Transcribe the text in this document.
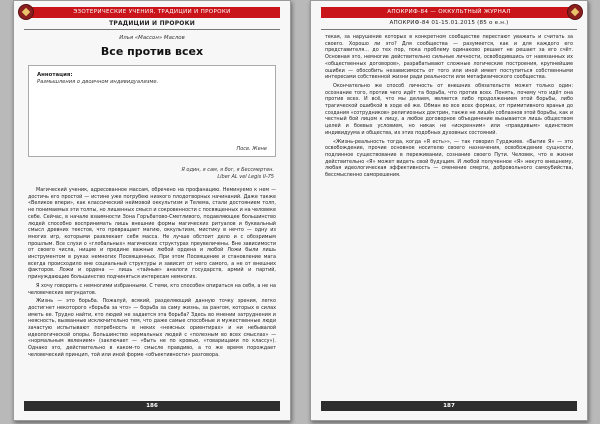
ЭЗОТЕРИЧЕСКИЕ УЧЕНИЯ, ТРАДИЦИИ И ПРОРОКИ
ТРАДИЦИИ И ПРОРОКИ
Илья «Массон» Маслов
Все против всех
Аннотация:
Размышления о двоичном индивидуализме.
Посв. Жене
Я один, я сам, я бог, я Бессмертен.
Liber AL vel Legis II-75

Магический ученик, адресованное массам, обречено на профанацию. Неминуемо к нем — достичь его простой — истине уже погрубею низкого плодотворных начинаний. Даже также «Великое впери», как классический неймовой оккультизм и Телема, стали достоянием толп, не понимаемых эти толпы, но лишенных смысл и сокровенности с посвященных и на человеке себе. Сейчас, в начале взаимности Зона Горъбатово-Сметливого, подавляющее большинство людей способно воспринимать лишь внешние формы магических ритуалов и буквальный смысл древних текстов, что превращает магию, оккультизм, мистику в нечто — одну из многих игр, которыми развлекает себя масса. Не лучше обстоит дело и с обозримым прошлым. Все слухи о «глобальных» магических структурах преувеличены. Вне зависимости от своего числа, нищие и предине важные любой ордена и любой Ложи были лишь инструментом в руках немногих Посвященных. При этом Посвящение и становление мага всегда происходило вне социальный структуры и зависит от него самого, а не от внешних факторов. Ложи и ордена — лишь «тайные» аналоги государств, армий и партий, принуждающие большинство подчиняться интересам немногих.

Я хочу говорить с немногими избранными. С теми, кто способен опираться на себя, а не на человеческих вегундатов.

Жизнь — это борьба. Пожалуй, всякий, разделяющий данную точку зрения, легко достигнет некоторого «борьба за что» — борьба за саму жизнь, за рангом, которых в силах иметь ее. Трудно найти, кто людей не задается эта борьба? Здесь во мнении затруднения и неясность, вызванные исключительно тем, что даже самые способные и мужественные люди зачастую испытывают потребность в неких «неясных ориентирах» и ни небывалой идеологической опоры. Большинство нормальных людей с «полезным во всех смыслах» — «нормальным явлением» (заключает — «быть не по кровью, «товарищами по классу»). Однако это, действительно в каком-то смысле правдиво, а то же время порождает человеческий принцип, той или иной форме «объективности» разговора.

186
АПОКРИФ-84 — ОККУЛЬТНЫЙ ЖУРНАЛ
АПОКРИФ-84 01-15.01.2015 (85 о е.н.)

текая, за нарушение которых в конкретном сообществе перестают уважать и считать за своего. Хорошо ли это? Для сообщества — разумеется, как и для каждого его представителя... до тех пор, пока проблему одинаково решает не решает за его счёт. Основная это, немногие действительно сильные личности, освободившись от навязанных их «общественных договоров», разрабатывают сложные логические построения, крупнейшие ошибки — обособить независимость от того или иной имеет поступиться собственными интересами собственной жизни ради реальности или метафизического сообщества.

Окончательно же способ личность от внешних обязательств может только один: осознание того, против чего идёт та борьба, что против всех. Понять, почему что идёт она против всех. И всё, что мы делаем, является либо продолжением этой борьбы, либо трагической ошибкой в ходе её же. Обман во все всех формах, от примитивного вранья до создания «сотрудников» религиозных доктрин, также не лишён соблазнов этой борьбы, как и честный бой лицом к лицу, а любое договорное объединение вызывается лишь обществом целей и боевых условием, но никак не «искренним» или «правдивым» единством индивидуума и общества, их этих подобных духовных состояний.

«Жизнь-реальность тогда, когда «Я есть»», — так говорил Гурджиев. «Бытие Я» — это освобождение, прочие основное носителю своего назначения, освобождение сущности, подлинное существование в переживании, сознание своего Пути. Человек, что в жизни действительно «Я» может видеть свой будущим. И любой полученное «Я» некуто внешнему, любая идеологическая эффективность — сменение смерти, добровольного самоубийства, бессмысленно саморешения.

187
